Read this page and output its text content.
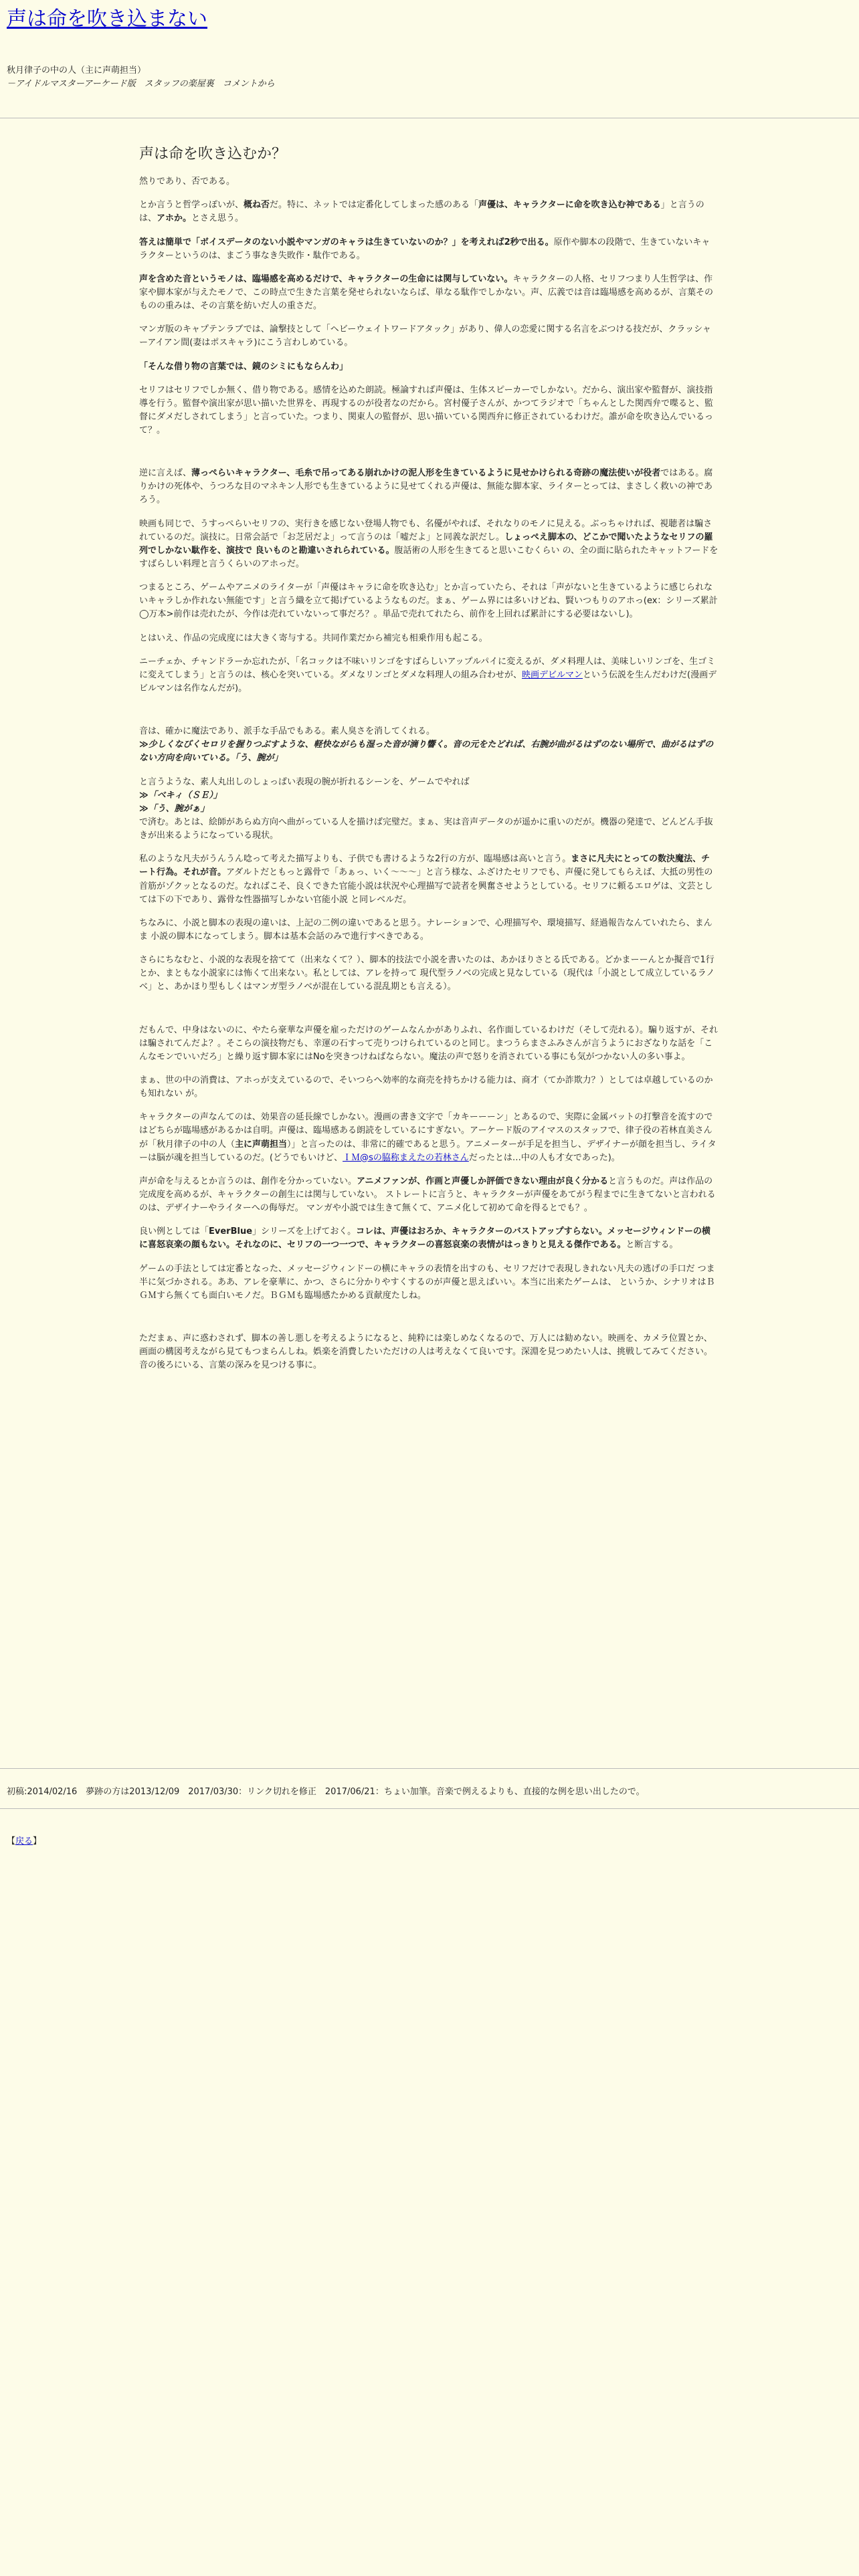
声は命を吹き込まない
秋月律子の中の人（主に声萌担当）
－アイドルマスターアーケード版　スタッフの楽屋裏　コメントから
声は命を吹き込むか？

然りであり、否である。

とか言うと哲学っぽいが、概ね否だ。特に、ネットでは定番化してしまった感のある「声優は、キャラクターに命を吹き込む神である」と言うのは、アホか。とさえ思う。

答えは簡単で「ボイスデータのない小説やマンガのキャラは生きていないのか？」を考えれば2秒で出る。原作や脚本の段階で、生きていないキャラクターというのは、まごう事なき失敗作・駄作である。

声を含めた音というモノは、臨場感を高めるだけで、キャラクターの生命には関与していない。キャラクターの人格、セリフつまり人生哲学は、作家や脚本家が与えたモノで、この時点で生きた言葉を発せられないならば、単なる駄作でしかない。声、広義では音は臨場感を高めるが、言葉そのものの重みは、その言葉を紡いだ人の重さだ。

マンガ版のキャプテンラブでは、論撃技として「ヘビーウェイトワードアタック」があり、偉人の恋愛に関する名言をぶつける技だが、クラッシャーアイアン間(妻はポスキャラ)にこう言わしめている。

「そんな借り物の言葉では、鏡のシミにもならんわ」

セリフはセリフでしか無く、借り物である。感情を込めた朗読。極論すれば声優は、生体スピーカーでしかない。だから、演出家や監督が、演技指導を行う。監督や演出家が思い描いた世界を、再現するのが役者なのだから。宮村優子さんが、かつてラジオで「ちゃんとした関西弁で喋ると、監督にダメだしされてしまう」と言っていた。つまり、関東人の監督が、思い描いている関西弁に修正されているわけだ。誰が命を吹き込んでいるって？。

逆に言えば、薄っぺらいキャラクター、毛糸で吊ってある崩れかけの泥人形を生きているように見せかけられる奇跡の魔法使いが役者ではある。腐りかけの死体や、うつろな目のマネキン人形でも生きているように見せてくれる声優は、無能な脚本家、ライターとっては、まさしく救いの神であろう。

映画も同じで、うすっぺらいセリフの、実行きを感じない登場人物でも、名優がやれば、それなりのモノに見える。ぶっちゃければ、視聴者は騙されているのだ。演技に。日常会話で「お芝居だよ」って言うのは「嘘だよ」と同義な訳だし。しょっぺえ脚本の、どこかで聞いたようなセリフの羅列でしかない駄作を、演技で 良いものと勘違いされられている。腹話術の人形を生きてると思いこむくらい の、全の面に貼られたキャットフードをすばらしい料理と言うくらいのアホっだ。

つまるところ、ゲームやアニメのライターが「声優はキャラに命を吹き込む」とか言っていたら、それは「声がないと生きているように感じられないキャラしか作れない無能です」と言う織を立て掲げているようなものだ。まぁ、ゲーム界には多いけどね、賢いつもりのアホっ(ex：シリーズ累計◯万本>前作は売れたが、今作は売れていないって事だろ？。単品で売れてれたら、前作を上回れば累計にする必要はないし)。

とはいえ、作品の完成度には大きく寄与する。共同作業だから補完も相乗作用も起こる。

ニーチェか、チャンドラーか忘れたが、「名コックは不味いリンゴをすばらしいアップルパイに変えるが、ダメ料理人は、美味しいリンゴを、生ゴミに変えてしまう」と言うのは、核心を突いている。ダメなリンゴとダメな料理人の組み合わせが、映画デビルマンという伝説を生んだわけだ(漫画デビルマンは名作なんだが)。

音は、確かに魔法であり、派手な手品でもある。素人臭さを消してくれる。
≫少しくなびくセロリを握りつぶすような、軽快ながらも湿った音が滴り響く。音の元をたどれば、右腕が曲がるはずのない場所で、曲がるはずのない方向を向いている。「う、腕が」

と言うような、素人丸出しのしょっぱい表現の腕が折れるシーンを、ゲームでやれば
≫「ベキィ（ＳＥ）」
≫「う、腕がぁ」
で済む。あとは、絵師があらぬ方向へ曲がっている人を描けば完璧だ。まぁ、実は音声データのが遥かに重いのだが。機器の発達で、どんどん手抜きが出来るようになっている現状。

私のような凡夫がうんうん唸って考えた描写よりも、子供でも書けるような2行の方が、臨場感は高いと言う。まさに凡夫にとっての数決魔法、チート行為。それが音。アダルトだともっと露骨で「あぁっ、いく～～～」と言う様な、ふざけたセリフでも、声優に発してもらえば、大抵の男性の首筋がゾクッとなるのだ。なればこそ、良くできた官能小説は状況や心理描写で読者を興奮させようとしている。セリフに頼るエロゲは、文芸としては下の下であり、露骨な性器描写しかない官能小説 と同レベルだ。

ちなみに、小説と脚本の表現の違いは、上記の二例の違いであると思う。ナレーションで、心理描写や、環境描写、経過報告なんていれたら、まんま 小説の脚本になってしまう。脚本は基本会話のみで進行すべきである。

さらにちなむと、小説的な表現を捨てて（出来なくて？）、脚本的技法で小説を書いたのは、あかほりさとる氏である。どかまーーんとか擬音で1行とか、まともな小説家には怖くて出来ない。私としては、アレを持って 現代型ラノベの完成と見なしている（現代は「小説として成立しているラノベ」と、あかほり型もしくはマンガ型ラノベが混在している混乱期とも言える）。

だもんで、中身はないのに、やたら豪華な声優を雇っただけのゲームなんかがありふれ、名作面しているわけだ（そして売れる）。騙り返すが、それは騙されてんだよ？。そこらの演技物だも、幸運の石すって売りつけられているのと同じ。まつうらまさふみさんが言うようにおざなりな話を「こんなモンでいいだろ」と繰り返す脚本家にはNoを突きつけねばならない。魔法の声で怒りを消されている事にも気がつかない人の多い事よ。

まぁ、世の中の消費は、アホっが支えているので、そいつらへ効率的な商売を持ちかける能力は、商才（てか詐欺力？）としては卓越しているのかも知れない が。

キャラクターの声なんてのは、効果音の延長線でしかない。漫画の書き文字で「カキーーーン」とあるので、実際に金属バットの打撃音を流すのではどちらが臨場感があるかは自明。声優は、臨場感ある朗読をしているにすぎない。アーケード版のアイマスのスタッフで、律子役の若林直美さんが「秋月律子の中の人（主に声萌担当）」と言ったのは、非常に的確であると思う。アニメーターが手足を担当し、デザイナーが顔を担当し、ライターは脳が魂を担当しているのだ。(どうでもいけど、ＩＭ@sの脇称まえたの若林さんだったとは…中の人も才女であった)。

声が命を与えるとか言うのは、創作を分かっていない。アニメファンが、作画と声優しか評価できない理由が良く分かると言うものだ。声は作品の完成度を高めるが、キャラクターの創生には関与していない。 ストレートに言うと、キャラクターが声優をあてがう程までに生きてないと言われるのは、デザイナーやライターへの侮辱だ。 マンガや小説では生きて無くて、アニメ化して初めて命を得るとでも？。

良い例としては「EverBlue」シリーズを上げておく。コレは、声優はおろか、キャラクターのバストアップすらない。メッセージウィンドーの横に喜怒哀楽の顔もない。それなのに、セリフの一つ一つで、キャラクターの喜怒哀楽の表情がはっきりと見える傑作である。と断言する。

ゲームの手法としては定番となった、メッセージウィンドーの横にキャラの表情を出すのも、セリフだけで表現しきれない凡夫の逃げの手口だ つま半に気づかされる。ああ、アレを豪華に、かつ、さらに分かりやすくするのが声優と思えばいい。本当に出来たゲームは、 というか、シナリオはＢＧＭすら無くても面白いモノだ。ＢＧＭも臨場感たかめる貢献度たしね。

ただまぁ、声に惑わされず、脚本の善し悪しを考えるようになると、純粋には楽しめなくなるので、万人には勧めない。映画を、カメラ位置とか、画面の構図考えながら見てもつまらんしね。娯楽を消費したいただけの人は考えなくて良いです。深淵を見つめたい人は、挑戦してみてください。音の後ろにいる、言葉の深みを見つける事に。

初稿:2014/02/16　夢跡の方は2013/12/09　2017/03/30：リンク切れを修正　2017/06/21：ちょい加筆。音楽で例えるよりも、直接的な例を思い出したので。
【戻る】
